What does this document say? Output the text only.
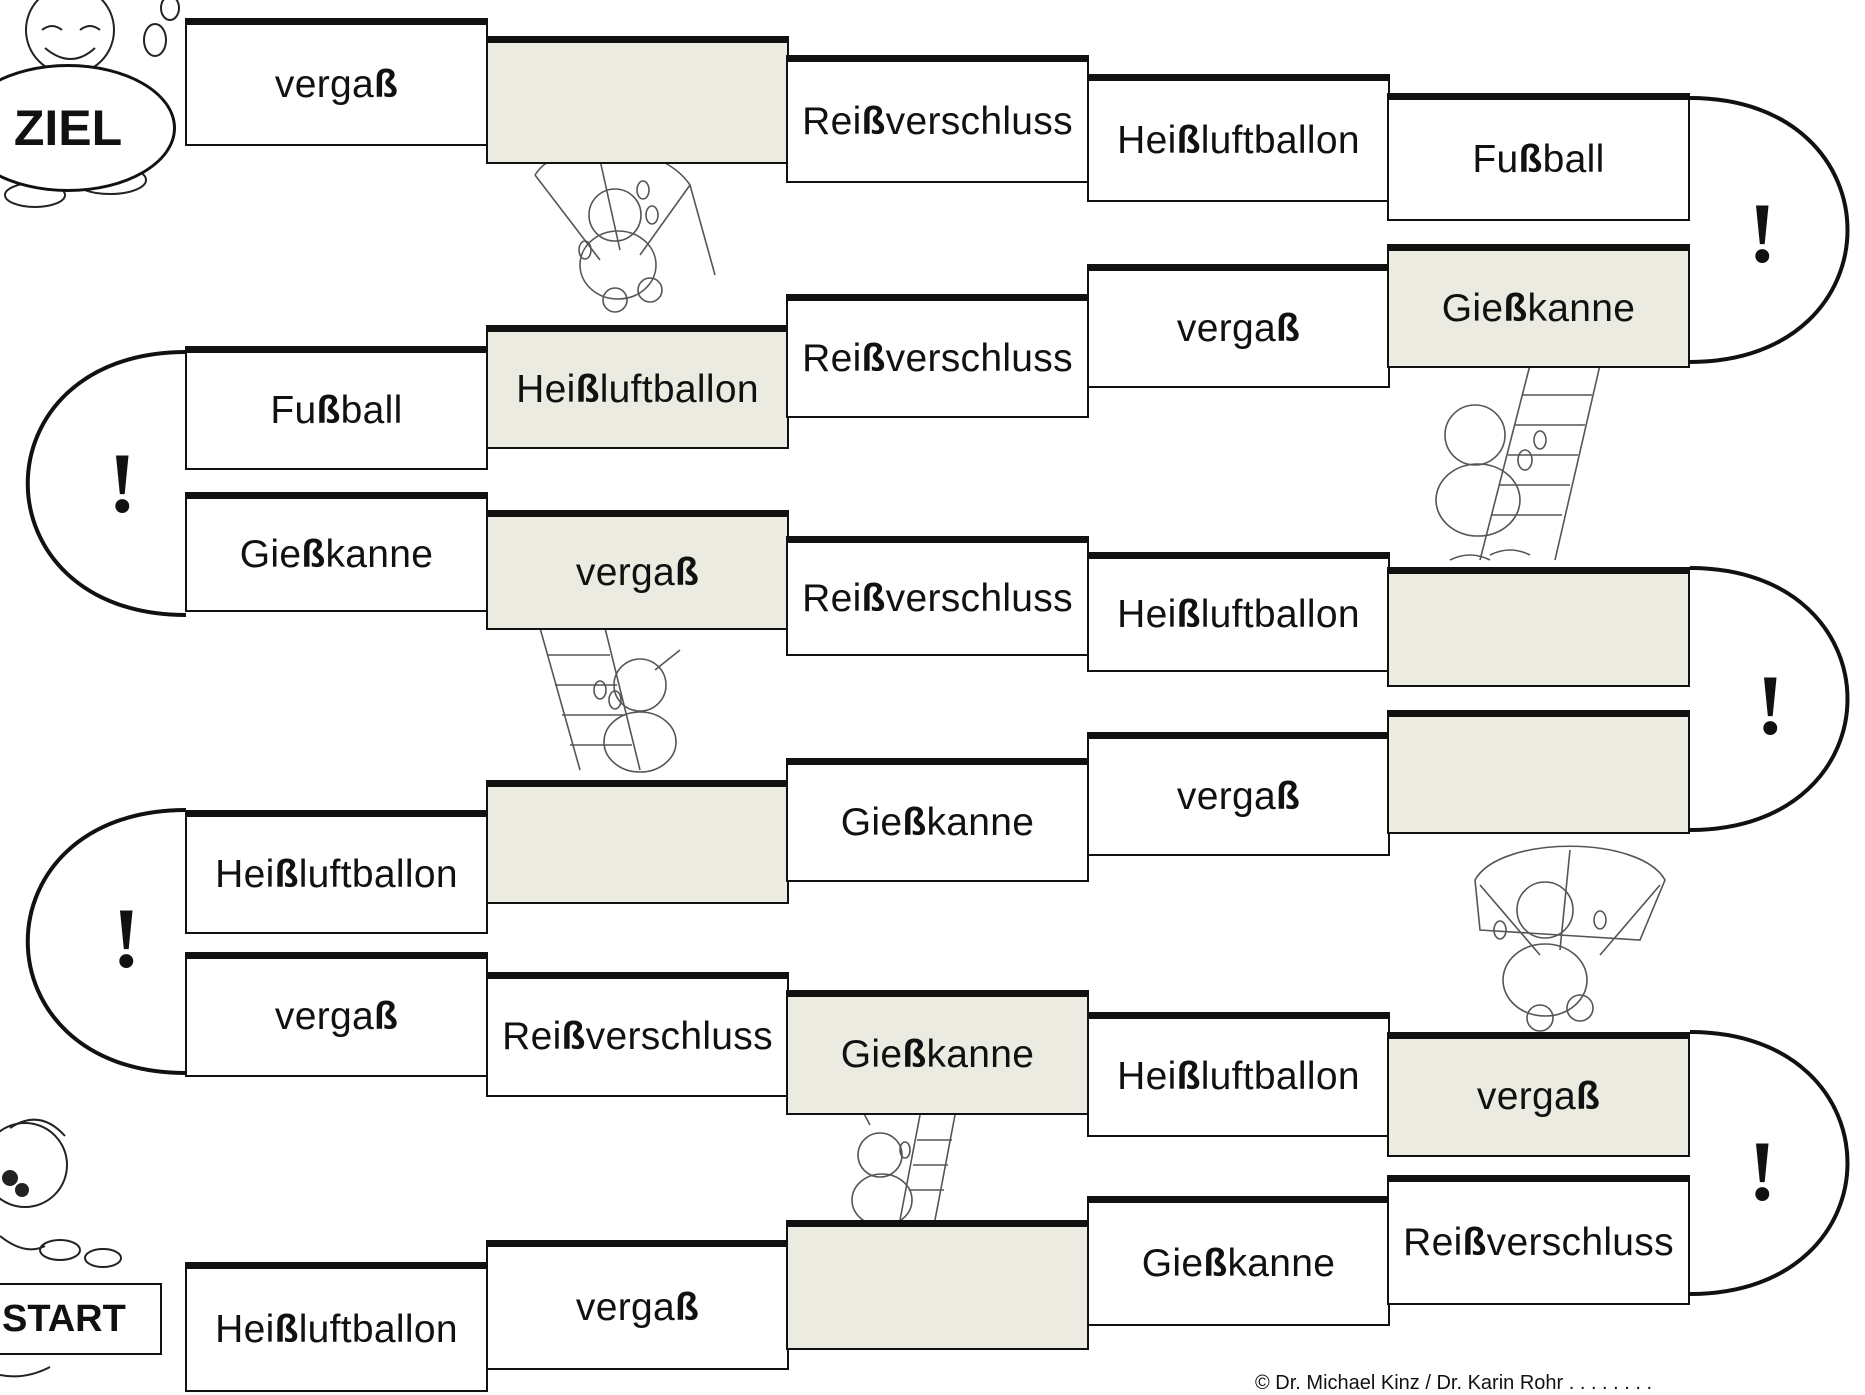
verga ß
Rei ß verschluss Hei ß luftballon	Fu ß ball
Fu ß ball	Hei ß luftballon
Rei ß verschluss
verga ß	Gie ß kanne
Gie ß kanne	verga ß
Rei ß verschluss Hei ß luftballon
Hei ß luftballon
Gie ß kanne
verga ß
verga ß	Rei ß verschluss Gie ß kanne
Hei ß luftballon	verga ß
Hei ß luftballon
verga ß
Gie ß kanne Rei ß verschluss
!
!
!
!
!
ZIEL
START
© Dr. Michael Kinz / Dr. Karin Rohr . . . . . . . .
